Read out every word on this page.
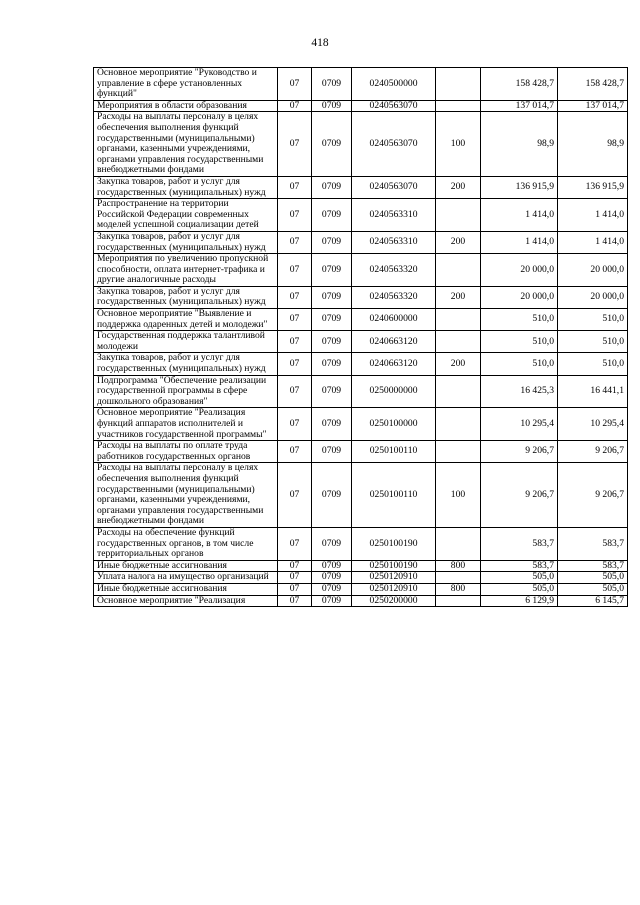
418
Основное мероприятие "Руководство и управление в сфере установленных функций"	07	0709	0240500000		158 428,7	158 428,7
Мероприятия в области образования	07	0709	0240563070		137 014,7	137 014,7
Расходы на выплаты персоналу в целях обеспечения выполнения функций государственными (муниципальными) органами, казенными учреждениями, органами управления государственными внебюджетными фондами	07	0709	0240563070	100	98,9	98,9
Закупка товаров, работ и услуг для государственных (муниципальных) нужд	07	0709	0240563070	200	136 915,9	136 915,9
Распространение на территории Российской Федерации современных моделей успешной социализации детей	07	0709	0240563310		1 414,0	1 414,0
Закупка товаров, работ и услуг для государственных (муниципальных) нужд	07	0709	0240563310	200	1 414,0	1 414,0
Мероприятия по увеличению пропускной способности, оплата интернет-трафика и другие аналогичные расходы	07	0709	0240563320		20 000,0	20 000,0
Закупка товаров, работ и услуг для государственных (муниципальных) нужд	07	0709	0240563320	200	20 000,0	20 000,0
Основное мероприятие "Выявление и поддержка одаренных детей и молодежи"	07	0709	0240600000		510,0	510,0
Государственная поддержка талантливой молодежи	07	0709	0240663120		510,0	510,0
Закупка товаров, работ и услуг для государственных (муниципальных) нужд	07	0709	0240663120	200	510,0	510,0
Подпрограмма "Обеспечение реализации государственной программы в сфере дошкольного образования"	07	0709	0250000000		16 425,3	16 441,1
Основное мероприятие "Реализация функций аппаратов исполнителей и участников государственной программы"	07	0709	0250100000		10 295,4	10 295,4
Расходы на выплаты по оплате труда работников государственных органов	07	0709	0250100110		9 206,7	9 206,7
Расходы на выплаты персоналу в целях обеспечения выполнения функций государственными (муниципальными) органами, казенными учреждениями, органами управления государственными внебюджетными фондами	07	0709	0250100110	100	9 206,7	9 206,7
Расходы на обеспечение функций государственных органов, в том числе территориальных органов	07	0709	0250100190		583,7	583,7
Иные бюджетные ассигнования	07	0709	0250100190	800	583,7	583,7
Уплата налога на имущество организаций	07	0709	0250120910		505,0	505,0
Иные бюджетные ассигнования	07	0709	0250120910	800	505,0	505,0
Основное мероприятие "Реализация	07	0709	0250200000		6 129,9	6 145,7
